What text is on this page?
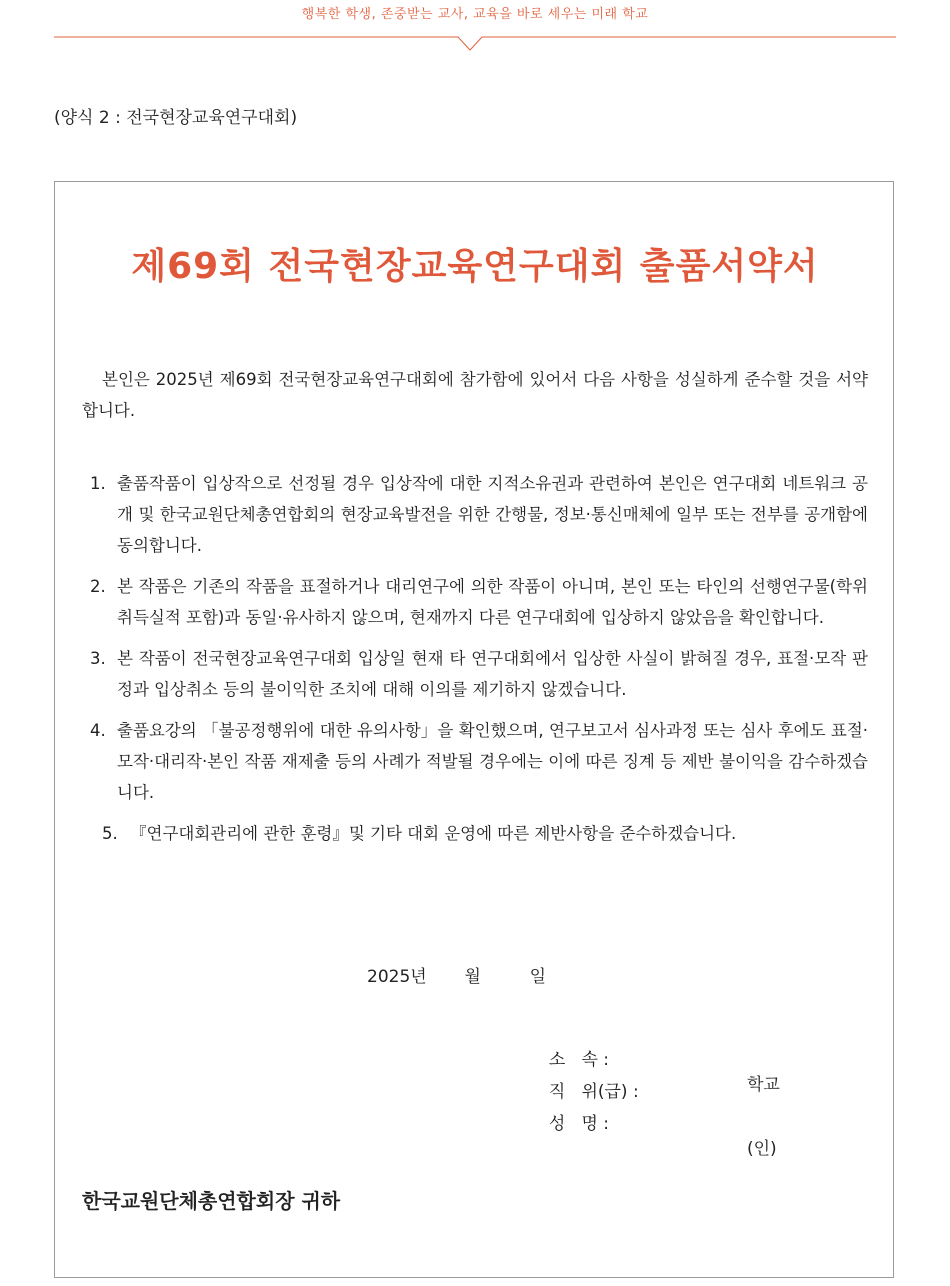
행복한 학생, 존중받는 교사, 교육을 바로 세우는 미래 학교
(양식 2 : 전국현장교육연구대회)
제69회 전국현장교육연구대회 출품서약서

본인은 2025년 제69회 전국현장교육연구대회에 참가함에 있어서 다음 사항을 성실하게 준수할 것을 서약합니다.

1. 출품작품이 입상작으로 선정될 경우 입상작에 대한 지적소유권과 관련하여 본인은 연구대회 네트워크 공개 및 한국교원단체총연합회의 현장교육발전을 위한 간행물, 정보·통신매체에 일부 또는 전부를 공개함에 동의합니다.
2. 본 작품은 기존의 작품을 표절하거나 대리연구에 의한 작품이 아니며, 본인 또는 타인의 선행연구물(학위취득실적 포함)과 동일·유사하지 않으며, 현재까지 다른 연구대회에 입상하지 않았음을 확인합니다.
3. 본 작품이 전국현장교육연구대회 입상일 현재 타 연구대회에서 입상한 사실이 밝혀질 경우, 표절·모작 판정과 입상취소 등의 불이익한 조치에 대해 이의를 제기하지 않겠습니다.
4. 출품요강의 「불공정행위에 대한 유의사항」을 확인했으며, 연구보고서 심사과정 또는 심사 후에도 표절·모작·대리작·본인 작품 재제출 등의 사례가 적발될 경우에는 이에 따른 징계 등 제반 불이익을 감수하겠습니다.
5. 『연구대회관리에 관한 훈령』및 기타 대회 운영에 따른 제반사항을 준수하겠습니다.
2025년       월         일

소   속 :

학교

직   위(급) :

성   명 :

(인)

한국교원단체총연합회장 귀하
